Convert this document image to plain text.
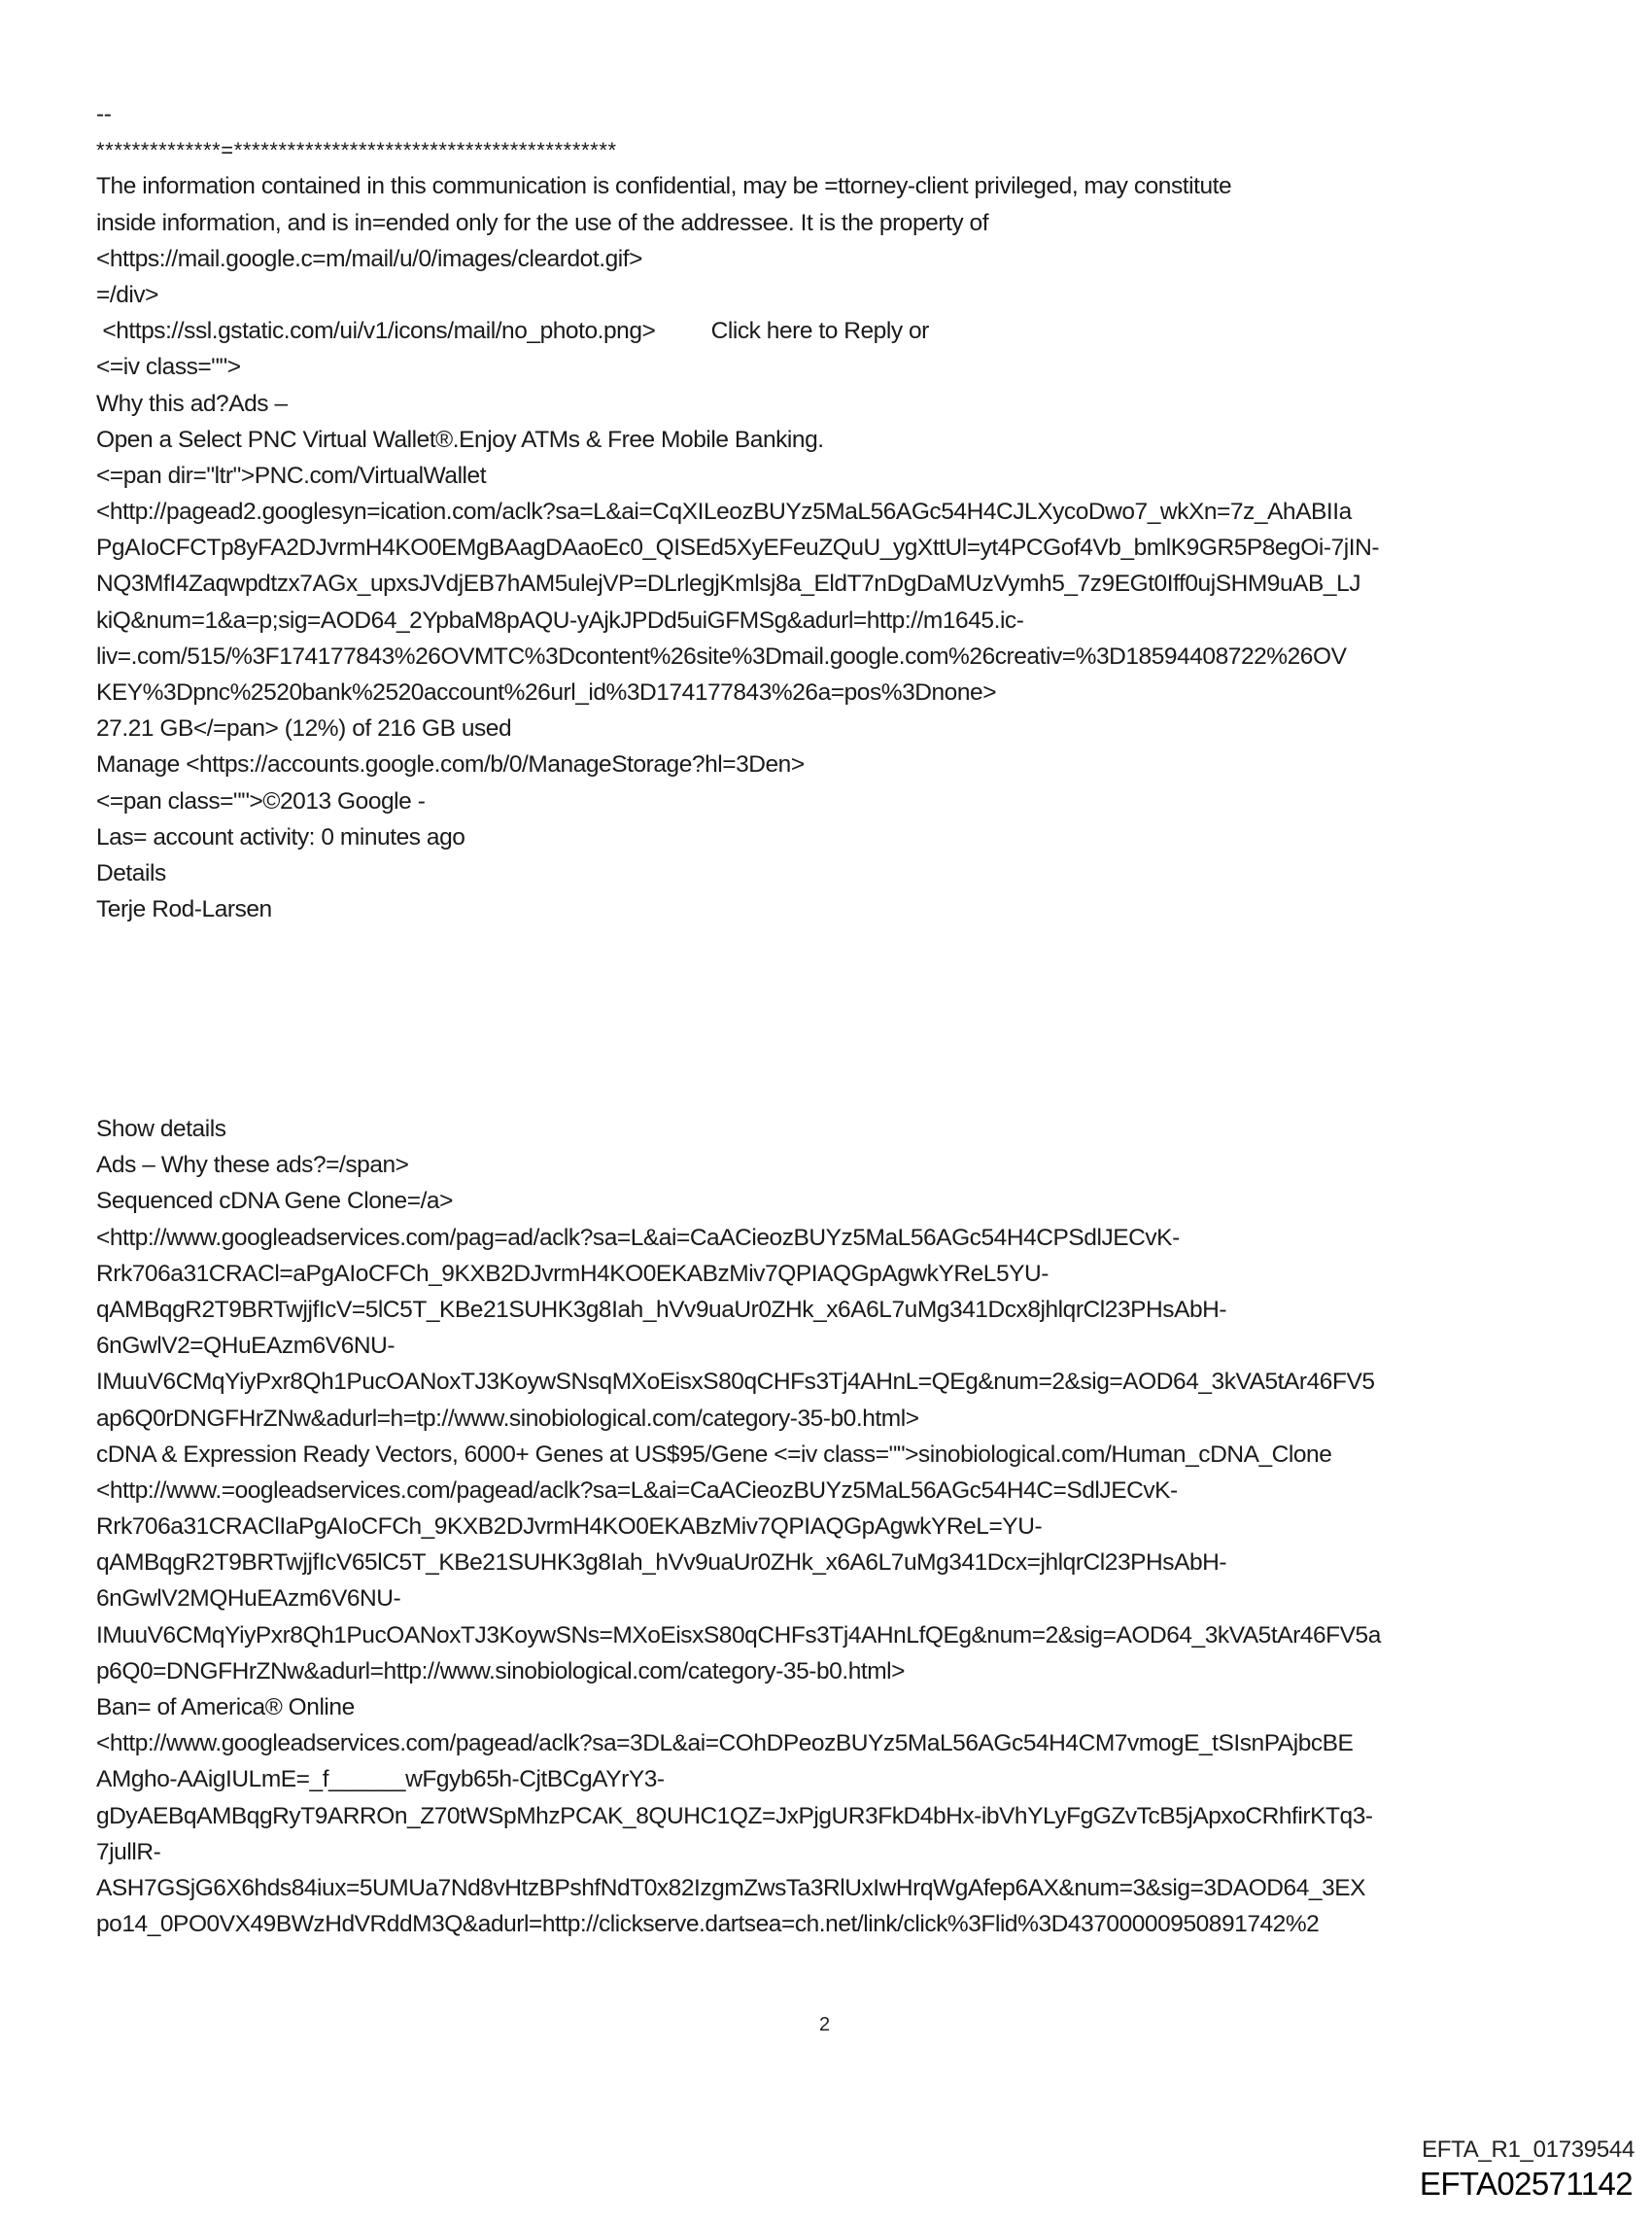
--
**************=*******************************************
The information contained in this communication is confidential, may be =ttorney-client privileged, may constitute
inside information, and is in=ended only for the use of the addressee. It is the property of
<https://mail.google.c=m/mail/u/0/images/cleardot.gif>
=/div>
<https://ssl.gstatic.com/ui/v1/icons/mail/no_photo.png>         Click here to Reply or
<=iv class="">
Why this ad?Ads –
Open a Select PNC Virtual Wallet®.Enjoy ATMs & Free Mobile Banking.
<=pan dir="ltr">PNC.com/VirtualWallet
<http://pagead2.googlesyn=ication.com/aclk?sa=L&ai=CqXILeozBUYz5MaL56AGc54H4CJLXycoDwo7_wkXn=7z_AhABIIa
PgAIoCFCTp8yFA2DJvrmH4KO0EMgBAagDAaoEc0_QISEd5XyEFeuZQuU_ygXttUl=yt4PCGof4Vb_bmlK9GR5P8egOi-7jIN-
NQ3MfI4Zaqwpdtzx7AGx_upxsJVdjEB7hAM5ulejVP=DLrlegjKmlsj8a_EldT7nDgDaMUzVymh5_7z9EGt0Iff0ujSHM9uAB_LJ
kiQ&num=1&a=p;sig=AOD64_2YpbaM8pAQU-yAjkJPDd5uiGFMSg&adurl=http://m1645.ic-
liv=.com/515/%3F174177843%26OVMTC%3Dcontent%26site%3Dmail.google.com%26creativ=%3D18594408722%26OV
KEY%3Dpnc%2520bank%2520account%26url_id%3D174177843%26a=pos%3Dnone>
27.21 GB</=pan> (12%) of 216 GB used
Manage <https://accounts.google.com/b/0/ManageStorage?hl=3Den>
<=pan class="">©2013 Google -
Las= account activity: 0 minutes ago
Details
Terje Rod-Larsen
Show details
Ads – Why these ads?=/span>
Sequenced cDNA Gene Clone=/a>
<http://www.googleadservices.com/pag=ad/aclk?sa=L&ai=CaACieozBUYz5MaL56AGc54H4CPSdlJECvK-
Rrk706a31CRACl=aPgAIoCFCh_9KXB2DJvrmH4KO0EKABzMiv7QPIAQGpAgwkYReL5YU-
qAMBqgR2T9BRTwjjfIcV=5lC5T_KBe21SUHK3g8Iah_hVv9uaUr0ZHk_x6A6L7uMg341Dcx8jhlqrCl23PHsAbH-
6nGwlV2=QHuEAzm6V6NU-
IMuuV6CMqYiyPxr8Qh1PucOANoxTJ3KoywSNsqMXoEisxS80qCHFs3Tj4AHnL=QEg&num=2&sig=AOD64_3kVA5tAr46FV5
ap6Q0rDNGFHrZNw&adurl=h=tp://www.sinobiological.com/category-35-b0.html>
cDNA & Expression Ready Vectors, 6000+ Genes at US$95/Gene <=iv class="">sinobiological.com/Human_cDNA_Clone
<http://www.=oogleadservices.com/pagead/aclk?sa=L&ai=CaACieozBUYz5MaL56AGc54H4C=SdlJECvK-
Rrk706a31CRAClIaPgAIoCFCh_9KXB2DJvrmH4KO0EKABzMiv7QPIAQGpAgwkYReL=YU-
qAMBqgR2T9BRTwjjfIcV65lC5T_KBe21SUHK3g8Iah_hVv9uaUr0ZHk_x6A6L7uMg341Dcx=jhlqrCl23PHsAbH-
6nGwlV2MQHuEAzm6V6NU-
IMuuV6CMqYiyPxr8Qh1PucOANoxTJ3KoywSNs=MXoEisxS80qCHFs3Tj4AHnLfQEg&num=2&sig=AOD64_3kVA5tAr46FV5a
p6Q0=DNGFHrZNw&adurl=http://www.sinobiological.com/category-35-b0.html>
Ban= of America® Online
<http://www.googleadservices.com/pagead/aclk?sa=3DL&ai=COhDPeozBUYz5MaL56AGc54H4CM7vmogE_tSIsnPAjbcBE
AMgho-AAigIULmE=_f______wFgyb65h-CjtBCgAYrY3-
gDyAEBqAMBqgRyT9ARROn_Z70tWSpMhzPCAK_8QUHC1QZ=JxPjgUR3FkD4bHx-ibVhYLyFgGZvTcB5jApxoCRhfirKTq3-
7jullR-
ASH7GSjG6X6hds84iux=5UMUa7Nd8vHtzBPshfNdT0x82IzgmZwsTa3RlUxIwHrqWgAfep6AX&num=3&sig=3DAOD64_3EX
po14_0PO0VX49BWzHdVRddM3Q&adurl=http://clickserve.dartsea=ch.net/link/click%3Flid%3D43700000950891742%2
2
EFTA_R1_01739544
EFTA02571142
